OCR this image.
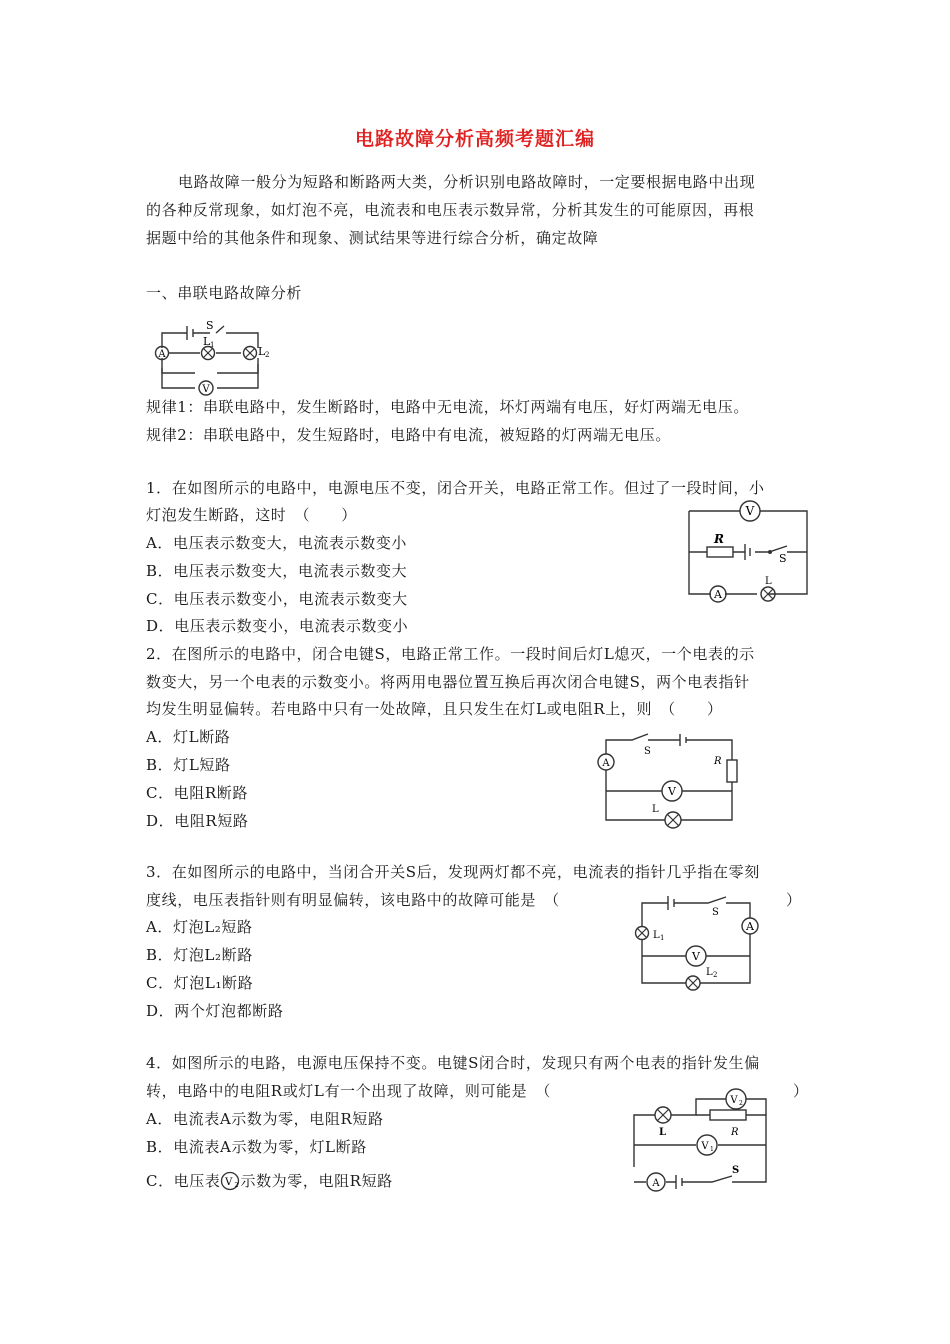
电路故障分析高频考题汇编
电路故障一般分为短路和断路两大类，分析识别电路故障时，一定要根据电路中出现
的各种反常现象，如灯泡不亮，电流表和电压表示数异常，分析其发生的可能原因，再根
据题中给的其他条件和现象、测试结果等进行综合分析，确定故障
一、串联电路故障分析
A
V
S
L 1	L 2
规律1：串联电路中，发生断路时，电路中无电流，坏灯两端有电压，好灯两端无电压。
规律2：串联电路中，发生短路时，电路中有电流，被短路的灯两端无电压。
1．在如图所示的电路中，电源电压不变，闭合开关，电路正常工作。但过了一段时间，小
灯泡发生断路，这时　（　　）
A．电压表示数变大，电流表示数变小
B．电压表示数变大，电流表示数变大
C．电压表示数变小，电流表示数变大
D．电压表示数变小，电流表示数变小
V
A
R
S
L
2．在图所示的电路中，闭合电键S，电路正常工作。一段时间后灯L熄灭，一个电表的示
数变大，另一个电表的示数变小。将两用电器位置互换后再次闭合电键S，两个电表指针
均发生明显偏转。若电路中只有一处故障，且只发生在灯L或电阻R上，则　（　　）
A．灯L断路
B．灯L短路
C．电阻R断路
D．电阻R短路
A
V
S
R
L
3．在如图所示的电路中，当闭合开关S后，发现两灯都不亮，电流表的指针几乎指在零刻
度线，电压表指针则有明显偏转，该电路中的故障可能是　（	）
A．灯泡L₂短路
B．灯泡L₂断路
C．灯泡L₁断路
D．两个灯泡都断路
A
V
S
L 1
L 2
4．如图所示的电路，电源电压保持不变。电键S闭合时，发现只有两个电表的指针发生偏
转，电路中的电阻R或灯L有一个出现了故障，则可能是　（	）
A．电流表A示数为零，电阻R短路
B．电流表A示数为零，灯L断路
C．电压表 V 2 示数为零，电阻R短路
V 2
V 1
A
L	R
S
